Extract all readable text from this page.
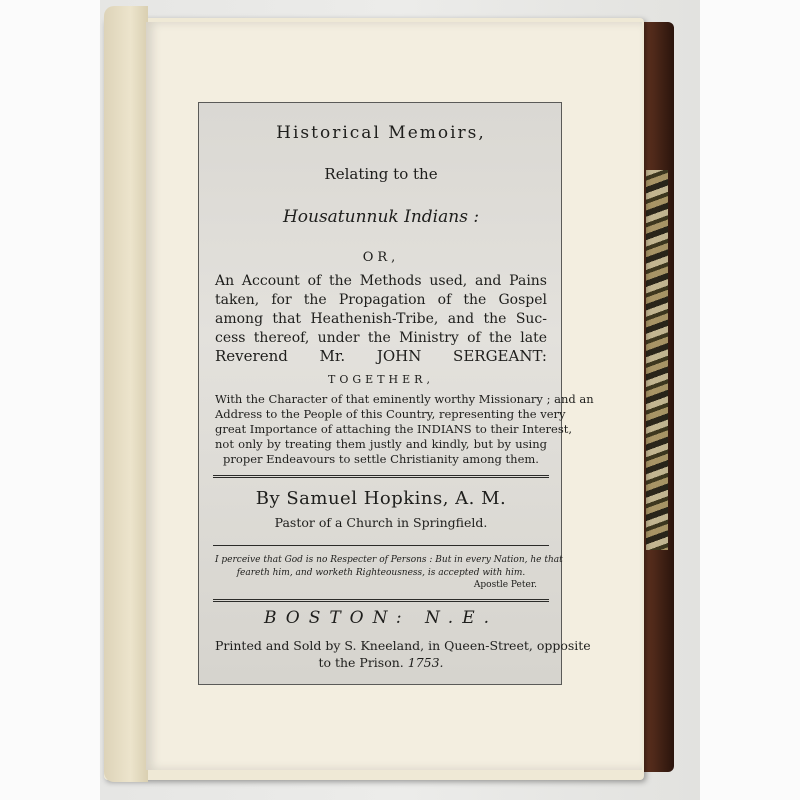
Historical Memoirs,
Relating to the
Housatunnuk Indians :
OR,
An Account of the Methods used, and Pains
taken, for the Propagation of the Gospel
among that Heathenish-Tribe, and the Suc-
cess thereof, under the Ministry of the late
Reverend Mr. JOHN SERGEANT:
TOGETHER,
With the Character of that eminently worthy Missionary ; and an
Address to the People of this Country, representing the very
great Importance of attaching the INDIANS to their Interest,
not only by treating them justly and kindly, but by using
proper Endeavours to settle Christianity among them.
By Samuel Hopkins, A. M.
Pastor of a Church in Springfield.
I perceive that God is no Respecter of Persons : But in every Nation, he that
feareth him, and worketh Righteousness, is accepted with him.
Apostle Peter.
BOSTON: N.E.
Printed and Sold by S. Kneeland, in Queen-Street, opposite
to the Prison. 1753.
